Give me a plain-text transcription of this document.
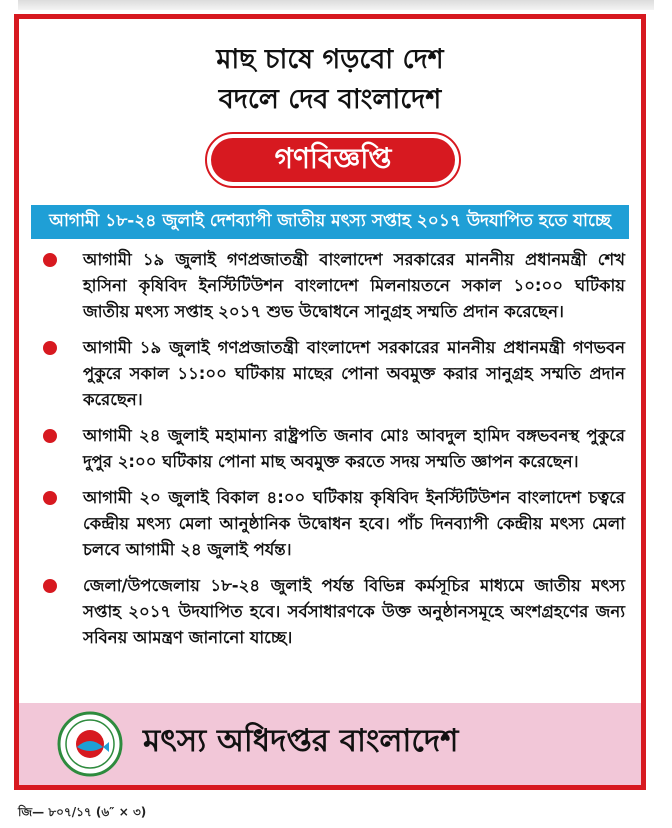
মাছ চাষে গড়বো দেশ
বদলে দেব বাংলাদেশ
গণবিজ্ঞপ্তি
আগামী ১৮-২৪ জুলাই দেশব্যাপী জাতীয় মৎস্য সপ্তাহ ২০১৭ উদযাপিত হতে যাচ্ছে

আগামী ১৯ জুলাই গণপ্রজাতন্ত্রী বাংলাদেশ সরকারের মাননীয় প্রধানমন্ত্রী শেখ হাসিনা কৃষিবিদ ইনস্টিটিউশন বাংলাদেশ মিলনায়তনে সকাল ১০:০০ ঘটিকায় জাতীয় মৎস্য সপ্তাহ ২০১৭ শুভ উদ্বোধনে সানুগ্রহ সম্মতি প্রদান করেছেন।

আগামী ১৯ জুলাই গণপ্রজাতন্ত্রী বাংলাদেশ সরকারের মাননীয় প্রধানমন্ত্রী গণভবন পুকুরে সকাল ১১:০০ ঘটিকায় মাছের পোনা অবমুক্ত করার সানুগ্রহ সম্মতি প্রদান করেছেন।

আগামী ২৪ জুলাই মহামান্য রাষ্ট্রপতি জনাব মোঃ আবদুল হামিদ বঙ্গভবনস্থ পুকুরে দুপুর ২:০০ ঘটিকায় পোনা মাছ অবমুক্ত করতে সদয় সম্মতি জ্ঞাপন করেছেন।

আগামী ২০ জুলাই বিকাল ৪:০০ ঘটিকায় কৃষিবিদ ইনস্টিটিউশন বাংলাদেশ চত্বরে কেন্দ্রীয় মৎস্য মেলা আনুষ্ঠানিক উদ্বোধন হবে। পাঁচ দিনব্যাপী কেন্দ্রীয় মৎস্য মেলা চলবে আগামী ২৪ জুলাই পর্যন্ত।

জেলা/উপজেলায় ১৮-২৪ জুলাই পর্যন্ত বিভিন্ন কর্মসূচির মাধ্যমে জাতীয় মৎস্য সপ্তাহ ২০১৭ উদযাপিত হবে। সর্বসাধারণকে উক্ত অনুষ্ঠানসমূহে অংশগ্রহণের জন্য সবিনয় আমন্ত্রণ জানানো যাচ্ছে।

মৎস্য অধিদপ্তর বাংলাদেশ
জি— ৮০৭/১৭ (৬″ × ৩)
